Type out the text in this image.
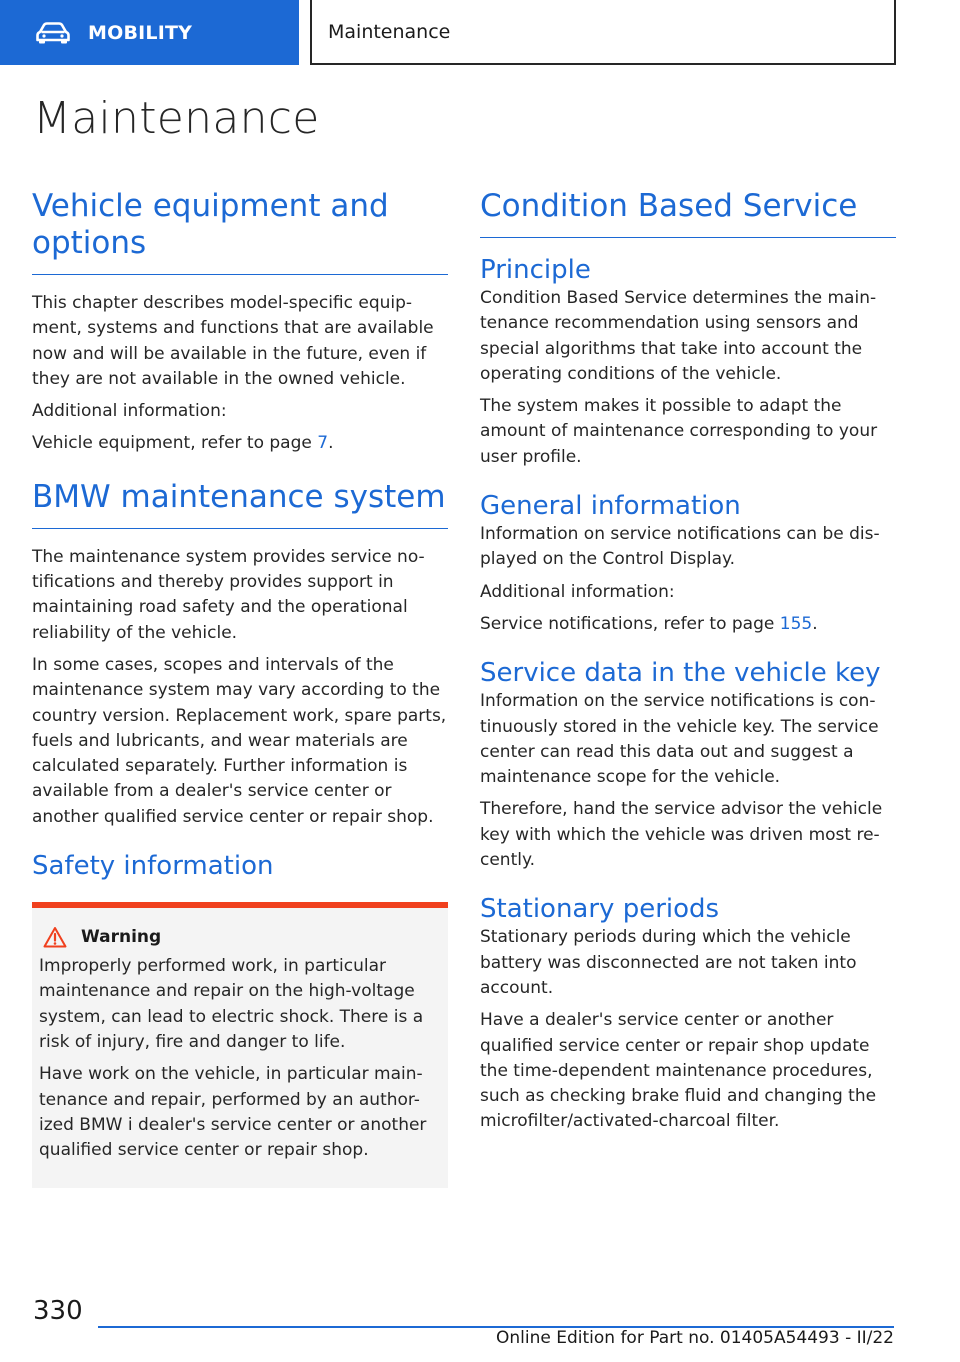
MOBILITY	Maintenance
Maintenance
Vehicle equipment and options

This chapter describes model-specific equip-ment, systems and functions that are available now and will be available in the future, even if they are not available in the owned vehicle.

Additional information:

Vehicle equipment, refer to page 7.

BMW maintenance system

The maintenance system provides service no-tifications and thereby provides support in maintaining road safety and the operational reliability of the vehicle.

In some cases, scopes and intervals of the maintenance system may vary according to the country version. Replacement work, spare parts, fuels and lubricants, and wear materials are calculated separately. Further information is available from a dealer's service center or another qualified service center or repair shop.

Safety information
Warning

Improperly performed work, in particular maintenance and repair on the high-voltage system, can lead to electric shock. There is a risk of injury, fire and danger to life.

Have work on the vehicle, in particular main-tenance and repair, performed by an author-ized BMW i dealer's service center or another qualified service center or repair shop.

Condition Based Service
Principle

Condition Based Service determines the main-tenance recommendation using sensors and special algorithms that take into account the operating conditions of the vehicle.

The system makes it possible to adapt the amount of maintenance corresponding to your user profile.

General information

Information on service notifications can be dis-played on the Control Display.

Additional information:

Service notifications, refer to page 155.

Service data in the vehicle key

Information on the service notifications is con-tinuously stored in the vehicle key. The service center can read this data out and suggest a maintenance scope for the vehicle.

Therefore, hand the service advisor the vehicle key with which the vehicle was driven most re-cently.

Stationary periods

Stationary periods during which the vehicle battery was disconnected are not taken into account.

Have a dealer's service center or another qualified service center or repair shop update the time-dependent maintenance procedures, such as checking brake fluid and changing the microfilter/activated-charcoal filter.

330
Online Edition for Part no. 01405A54493 - II/22
